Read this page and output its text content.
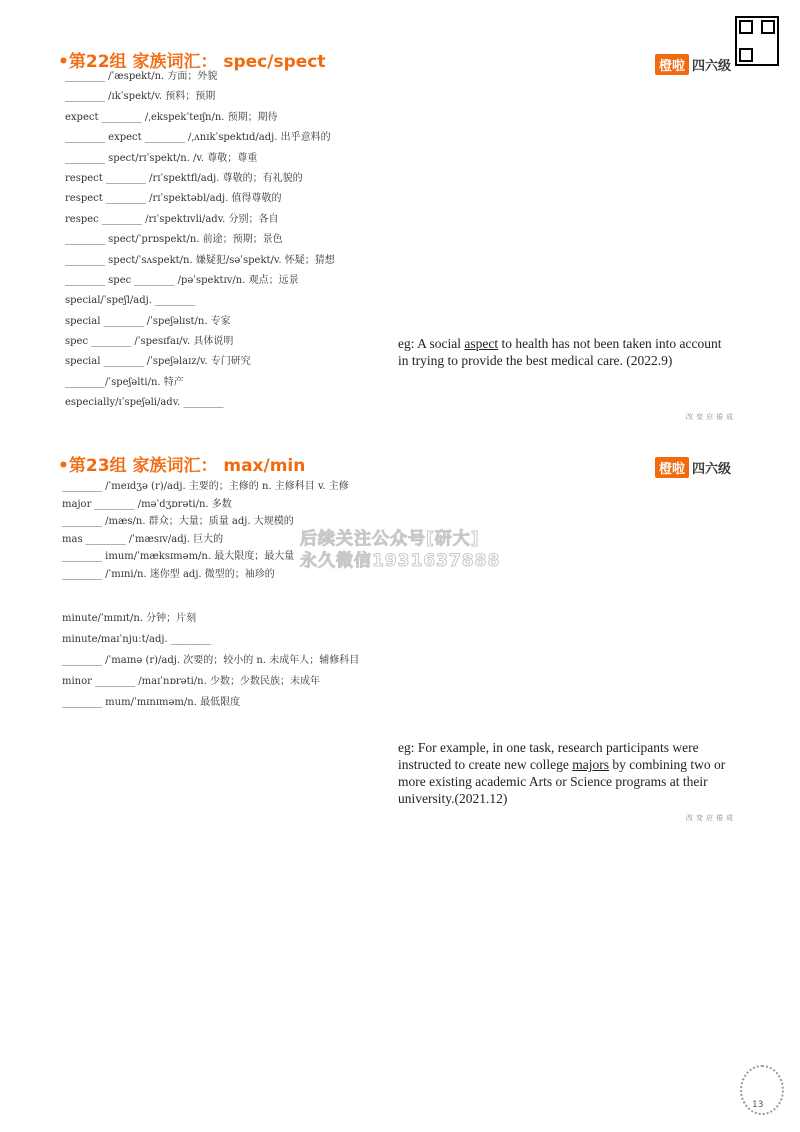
•第22组 家族词汇： spec/spect	橙啦 四六级
________ /ˈæspekt/n. 方面；外貌
________ /ɪkˈspekt/v. 预料；预期
expect ________ /ˌekspekˈteɪʃn/n. 预期；期待
________ expect ________ /ˌʌnɪkˈspektɪd/adj. 出乎意料的
________ spect/rɪˈspekt/n. /v. 尊敬；尊重
respect ________ /rɪˈspektfl/adj. 尊敬的；有礼貌的
respect ________ /rɪˈspektəbl/adj. 值得尊敬的
respec ________ /rɪˈspektɪvli/adv. 分别；各自
________ spect/ˈprɒspekt/n. 前途；预期；景色
________ spect/ˈsʌspekt/n. 嫌疑犯/səˈspekt/v. 怀疑；猜想
________ spec ________ /pəˈspektɪv/n. 观点；远景
special/ˈspeʃl/adj. ________
special ________ /ˈspeʃəlɪst/n. 专家
spec ________ /ˈspesɪfaɪ/v. 具体说明
special ________ /ˈspeʃəlaɪz/v. 专门研究
________/ˈspeʃəlti/n. 特产
especially/ɪˈspeʃəli/adv. ________
eg: A social aspect to health has not been taken into account in trying to provide the best medical care. (2022.9)
改变应倦成
•第23组 家族词汇： max/min	橙啦 四六级
________ /ˈmeɪdʒə (r)/adj. 主要的；主修的 n. 主修科目 v. 主修
major ________ /məˈdʒɒrəti/n. 多数
________ /mæs/n. 群众；大量；质量 adj. 大规模的
mas ________ /ˈmæsɪv/adj. 巨大的
________ imum/ˈmæksɪməm/n. 最大限度；最大量
________ /ˈmɪni/n. 迷你型 adj. 微型的；袖珍的
minute/ˈmɪnɪt/n. 分钟；片刻
minute/maɪˈnjuːt/adj. ________
________ /ˈmaɪnə (r)/adj. 次要的；较小的 n. 未成年人；辅修科目
minor ________ /maɪˈnɒrəti/n. 少数；少数民族；未成年
________ mum/ˈmɪnɪməm/n. 最低限度
后续关注公众号[研大]
永久微信1931637888
eg: For example, in one task, research participants were instructed to create new college majors by combining two or more existing academic Arts or Science programs at their university.(2021.12)
改变应倦成
13
